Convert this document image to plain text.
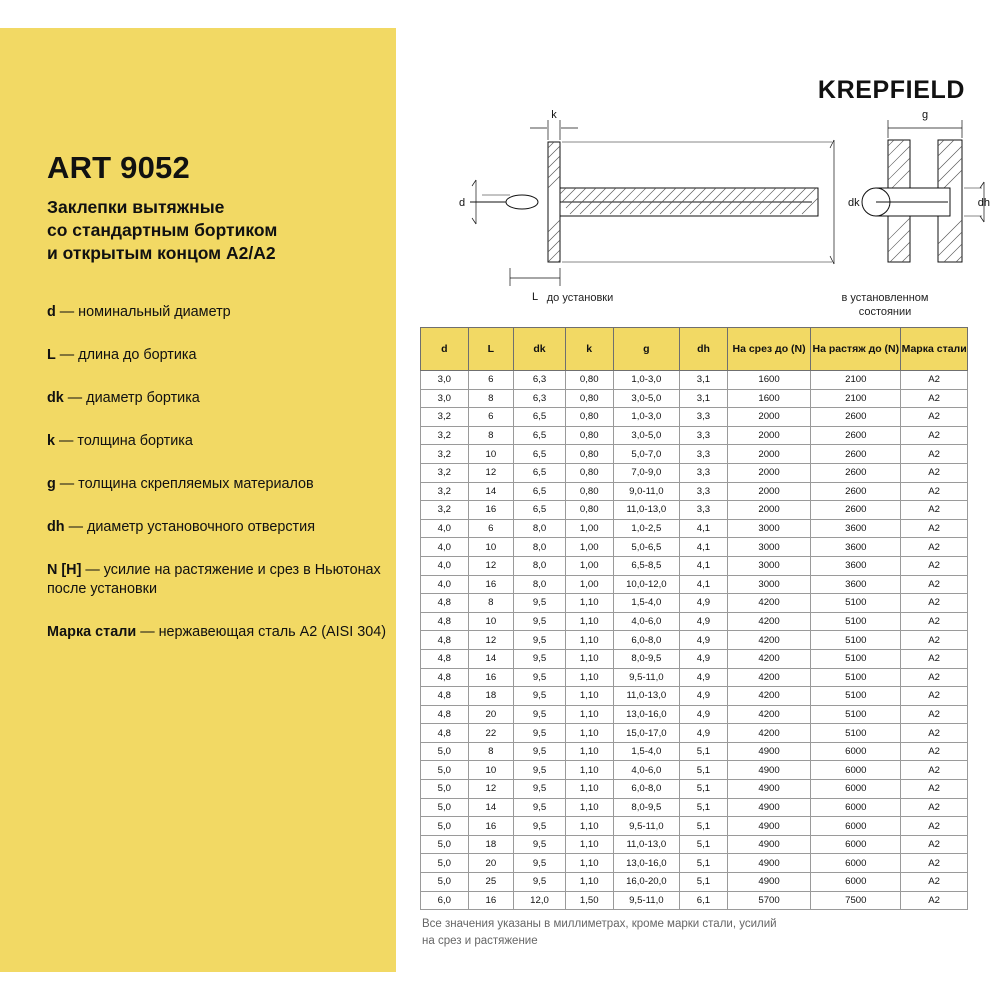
ART 9052

Заклепки вытяжные
со стандартным бортиком
и открытым концом A2/A2

d — номинальный диаметр
L — длина до бортика
dk — диаметр бортика
k — толщина бортика
g — толщина скрепляемых материалов
dh — диаметр установочного отверстия
N [Н] — усилие на растяжение и срез в Ньютонах после установки
Марка стали — нержавеющая сталь A2 (AISI 304)
KREPFIELD
k
d
L
dk
g
dh
до установки	в установленном
состоянии
d	L	dk	k	g	dh	На срез до (N)	На растяж до (N)	Марка стали
3,0	6	6,3	0,80	1,0-3,0	3,1	1600	2100	A2
3,0	8	6,3	0,80	3,0-5,0	3,1	1600	2100	A2
3,2	6	6,5	0,80	1,0-3,0	3,3	2000	2600	A2
3,2	8	6,5	0,80	3,0-5,0	3,3	2000	2600	A2
3,2	10	6,5	0,80	5,0-7,0	3,3	2000	2600	A2
3,2	12	6,5	0,80	7,0-9,0	3,3	2000	2600	A2
3,2	14	6,5	0,80	9,0-11,0	3,3	2000	2600	A2
3,2	16	6,5	0,80	11,0-13,0	3,3	2000	2600	A2
4,0	6	8,0	1,00	1,0-2,5	4,1	3000	3600	A2
4,0	10	8,0	1,00	5,0-6,5	4,1	3000	3600	A2
4,0	12	8,0	1,00	6,5-8,5	4,1	3000	3600	A2
4,0	16	8,0	1,00	10,0-12,0	4,1	3000	3600	A2
4,8	8	9,5	1,10	1,5-4,0	4,9	4200	5100	A2
4,8	10	9,5	1,10	4,0-6,0	4,9	4200	5100	A2
4,8	12	9,5	1,10	6,0-8,0	4,9	4200	5100	A2
4,8	14	9,5	1,10	8,0-9,5	4,9	4200	5100	A2
4,8	16	9,5	1,10	9,5-11,0	4,9	4200	5100	A2
4,8	18	9,5	1,10	11,0-13,0	4,9	4200	5100	A2
4,8	20	9,5	1,10	13,0-16,0	4,9	4200	5100	A2
4,8	22	9,5	1,10	15,0-17,0	4,9	4200	5100	A2
5,0	8	9,5	1,10	1,5-4,0	5,1	4900	6000	A2
5,0	10	9,5	1,10	4,0-6,0	5,1	4900	6000	A2
5,0	12	9,5	1,10	6,0-8,0	5,1	4900	6000	A2
5,0	14	9,5	1,10	8,0-9,5	5,1	4900	6000	A2
5,0	16	9,5	1,10	9,5-11,0	5,1	4900	6000	A2
5,0	18	9,5	1,10	11,0-13,0	5,1	4900	6000	A2
5,0	20	9,5	1,10	13,0-16,0	5,1	4900	6000	A2
5,0	25	9,5	1,10	16,0-20,0	5,1	4900	6000	A2
6,0	16	12,0	1,50	9,5-11,0	6,1	5700	7500	A2
Все значения указаны в миллиметрах, кроме марки стали, усилий
на срез и растяжение
